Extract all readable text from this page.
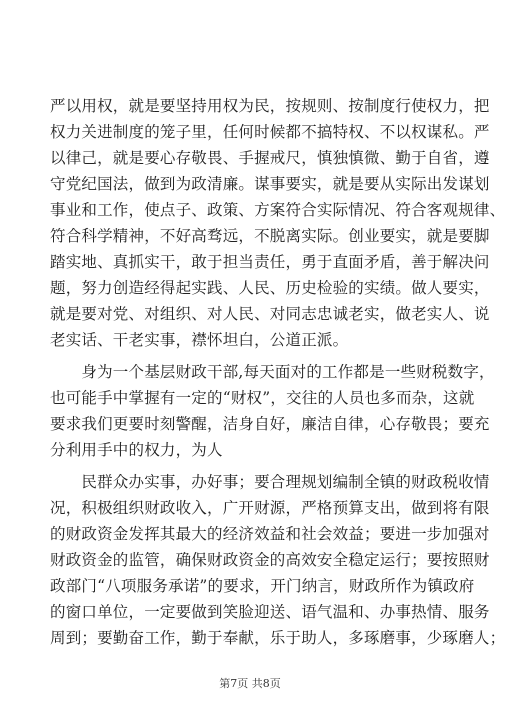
严以用权，就是要坚持用权为民，按规则、按制度行使权力，把
权力关进制度的笼子里，任何时候都不搞特权、不以权谋私。严
以律己，就是要心存敬畏、手握戒尺，慎独慎微、勤于自省，遵
守党纪国法，做到为政清廉。谋事要实，就是要从实际出发谋划
事业和工作，使点子、政策、方案符合实际情况、符合客观规律、
符合科学精神，不好高骛远，不脱离实际。创业要实，就是要脚
踏实地、真抓实干，敢于担当责任，勇于直面矛盾，善于解决问
题，努力创造经得起实践、人民、历史检验的实绩。做人要实，
就是要对党、对组织、对人民、对同志忠诚老实，做老实人、说
老实话、干老实事，襟怀坦白，公道正派。

　　身为一个基层财政干部,每天面对的工作都是一些财税数字，
也可能手中掌握有一定的“财权”，交往的人员也多而杂，这就
要求我们更要时刻警醒，洁身自好，廉洁自律，心存敬畏；要充
分利用手中的权力，为人

　　民群众办实事，办好事；要合理规划编制全镇的财政税收情
况，积极组织财政收入，广开财源，严格预算支出，做到将有限
的财政资金发挥其最大的经济效益和社会效益；要进一步加强对
财政资金的监管，确保财政资金的高效安全稳定运行；要按照财
政部门“八项服务承诺”的要求，开门纳言，财政所作为镇政府
的窗口单位，一定要做到笑脸迎送、语气温和、办事热情、服务
周到；要勤奋工作，勤于奉献，乐于助人，多琢磨事，少琢磨人；

第7页 共8页
